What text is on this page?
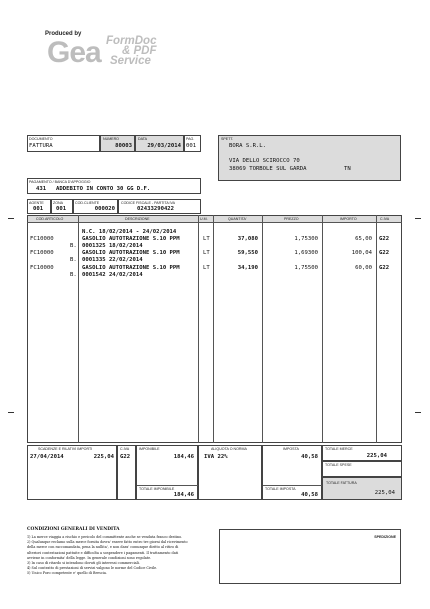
Produced by
Gea FormDoc
& PDF
Service
DOCUMENTO
FATTURA
NUMERO
80003
DATA
29/03/2014
PAG.
001
SPETT.
BORA S.R.L.
VIA DELLO SCIROCCO 70
38069 TORBOLE SUL GARDA	TN
PAGAMENTO / BANCA D'APPOGGIO
431 ADDEBITO IN CONTO 30 GG D.F.
AGENTE
001
ZONA
001
COD.CLIENTE
000020
CODICE FISCALE - PARTITA IVA
02433290422
COD.ARTICOLO	DESCRIZIONE	U.M.	QUANTITA'	PREZZO	IMPORTO	C.IVA
N.C. 18/02/2014 - 24/02/2014
FC10000	GASOLIO AUTOTRAZIONE S.10 PPM	LT	37,080	1,75300	65,00 G22
B. 0001325 18/02/2014
FC10000	GASOLIO AUTOTRAZIONE S.10 PPM	LT	59,550	1,69300	100,04 G22
B. 0001335 22/02/2014
FC10000	GASOLIO AUTOTRAZIONE S.10 PPM	LT	34,190	1,75500	60,00 G22
B. 0001542 24/02/2014
SCADENZE E RILATIVI IMPORTI
27/04/2014	225,04
C.IVA
G22
IMPONIBILE
184,46
TOTALE IMPONIBILE
184,46
ALIQUOTA O NORMA
IVA 22%
IMPOSTA
40,58
TOTALE IMPOSTA
40,58
TOTALE MERCE
225,04
TOTALE SPESE
TOTALE FATTURA
225,04
CONDIZIONI GENERALI DI VENDITA
1) La merce viaggia a rischio e pericolo del committente anche se venduta franco destino.
2) Qualunque reclamo sulla merce fornita dovra' essere fatto entro tre giorni dal ricevimento
della merce con raccomandata, pena la nullita', e non dara' comunque diritto al ritiro di
ulteriori contestazioni pattuite e difficolta a sospendere i pagamenti. Il trattamento dati
avviene in conformita' della legge. In generale condizioni sono regolate.
3) In caso di ritardo si intendono dovuti gli interessi commerciali.
4) Sul contratto di prestazioni di servizi valgono le norme del Codice Civile.
5) Unico Foro competente e' quello di Brescia.
SPEDIZIONE
